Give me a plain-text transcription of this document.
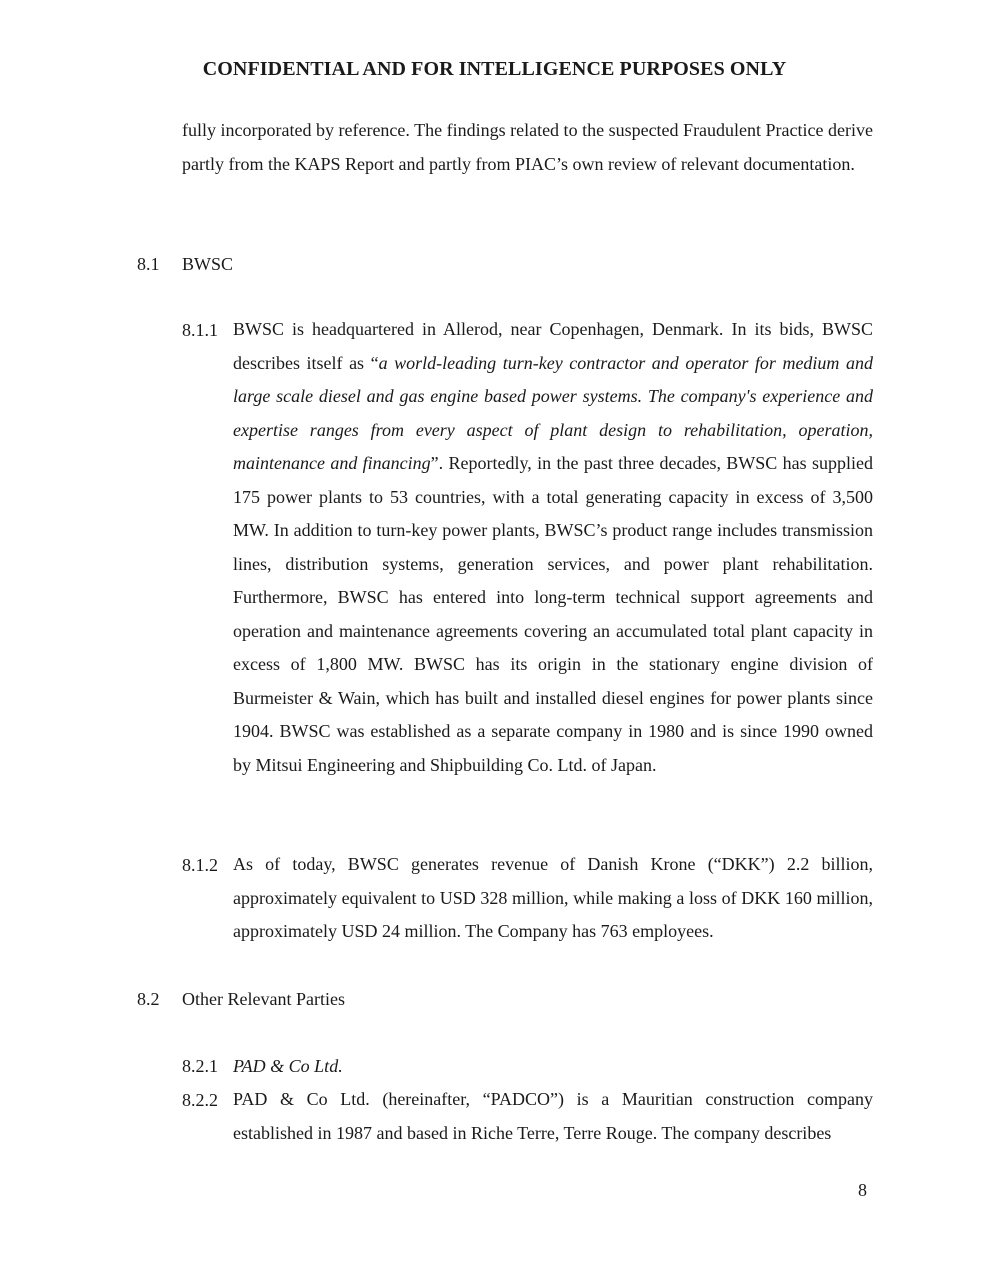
CONFIDENTIAL AND FOR INTELLIGENCE PURPOSES ONLY
fully incorporated by reference. The findings related to the suspected Fraudulent Practice derive partly from the KAPS Report and partly from PIAC’s own review of relevant documentation.
8.1 BWSC
8.1.1 BWSC is headquartered in Allerod, near Copenhagen, Denmark. In its bids, BWSC describes itself as “a world-leading turn-key contractor and operator for medium and large scale diesel and gas engine based power systems. The company's experience and expertise ranges from every aspect of plant design to rehabilitation, operation, maintenance and financing”. Reportedly, in the past three decades, BWSC has supplied 175 power plants to 53 countries, with a total generating capacity in excess of 3,500 MW. In addition to turn-key power plants, BWSC’s product range includes transmission lines, distribution systems, generation services, and power plant rehabilitation. Furthermore, BWSC has entered into long-term technical support agreements and operation and maintenance agreements covering an accumulated total plant capacity in excess of 1,800 MW. BWSC has its origin in the stationary engine division of Burmeister & Wain, which has built and installed diesel engines for power plants since 1904. BWSC was established as a separate company in 1980 and is since 1990 owned by Mitsui Engineering and Shipbuilding Co. Ltd. of Japan.
8.1.2 As of today, BWSC generates revenue of Danish Krone (“DKK”) 2.2 billion, approximately equivalent to USD 328 million, while making a loss of DKK 160 million, approximately USD 24 million. The Company has 763 employees.
8.2 Other Relevant Parties
8.2.1 PAD & Co Ltd.
8.2.2 PAD & Co Ltd. (hereinafter, “PADCO”) is a Mauritian construction company established in 1987 and based in Riche Terre, Terre Rouge. The company describes
8
